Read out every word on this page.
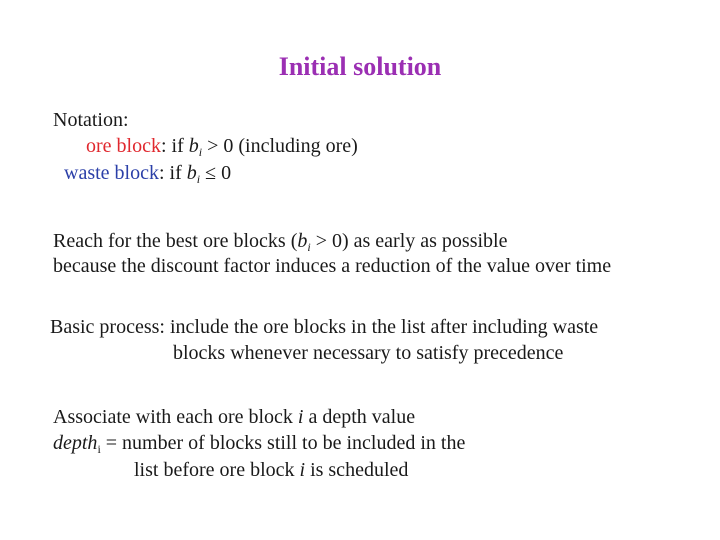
Initial solution
Notation:
ore block: if $b_i > 0$ (including ore)
waste block: if $b_i \le 0$
Reach for the best ore blocks $(b_i > 0)$ as early as possible
because the discount factor induces a reduction of the value over time
Basic process: include the ore blocks in the list after including waste
blocks whenever necessary to satisfy precedence
Associate with each ore block i a depth value
depth$_i$ = number of blocks still to be included in the
list before ore block i is scheduled
